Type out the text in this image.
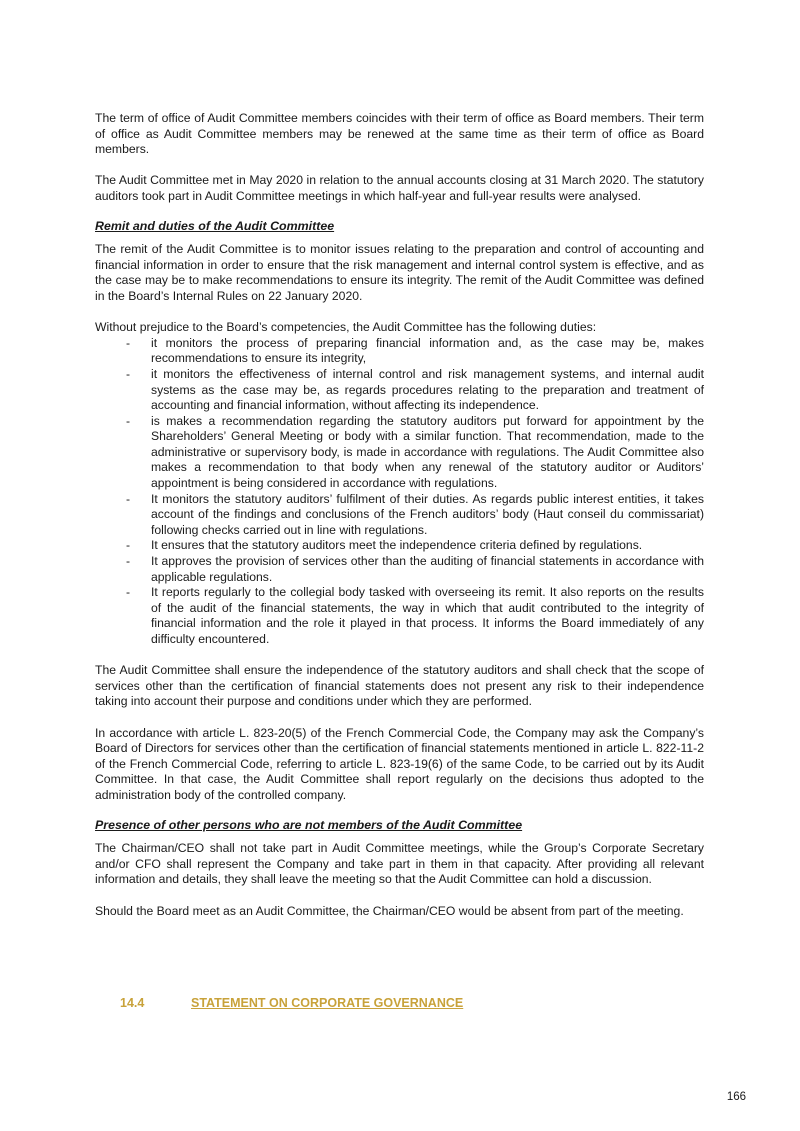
The term of office of Audit Committee members coincides with their term of office as Board members. Their term of office as Audit Committee members may be renewed at the same time as their term of office as Board members.

The Audit Committee met in May 2020 in relation to the annual accounts closing at 31 March 2020. The statutory auditors took part in Audit Committee meetings in which half-year and full-year results were analysed.

Remit and duties of the Audit Committee

The remit of the Audit Committee is to monitor issues relating to the preparation and control of accounting and financial information in order to ensure that the risk management and internal control system is effective, and as the case may be to make recommendations to ensure its integrity. The remit of the Audit Committee was defined in the Board’s Internal Rules on 22 January 2020.

Without prejudice to the Board’s competencies, the Audit Committee has the following duties:

- it monitors the process of preparing financial information and, as the case may be, makes recommendations to ensure its integrity,
- it monitors the effectiveness of internal control and risk management systems, and internal audit systems as the case may be, as regards procedures relating to the preparation and treatment of accounting and financial information, without affecting its independence.
- is makes a recommendation regarding the statutory auditors put forward for appointment by the Shareholders’ General Meeting or body with a similar function. That recommendation, made to the administrative or supervisory body, is made in accordance with regulations. The Audit Committee also makes a recommendation to that body when any renewal of the statutory auditor or Auditors’ appointment is being considered in accordance with regulations.
- It monitors the statutory auditors’ fulfilment of their duties. As regards public interest entities, it takes account of the findings and conclusions of the French auditors’ body (Haut conseil du commissariat) following checks carried out in line with regulations.
- It ensures that the statutory auditors meet the independence criteria defined by regulations.
- It approves the provision of services other than the auditing of financial statements in accordance with applicable regulations.
- It reports regularly to the collegial body tasked with overseeing its remit. It also reports on the results of the audit of the financial statements, the way in which that audit contributed to the integrity of financial information and the role it played in that process. It informs the Board immediately of any difficulty encountered.

The Audit Committee shall ensure the independence of the statutory auditors and shall check that the scope of services other than the certification of financial statements does not present any risk to their independence taking into account their purpose and conditions under which they are performed.

In accordance with article L. 823-20(5) of the French Commercial Code, the Company may ask the Company’s Board of Directors for services other than the certification of financial statements mentioned in article L. 822-11-2 of the French Commercial Code, referring to article L. 823-19(6) of the same Code, to be carried out by its Audit Committee. In that case, the Audit Committee shall report regularly on the decisions thus adopted to the administration body of the controlled company.

Presence of other persons who are not members of the Audit Committee

The Chairman/CEO shall not take part in Audit Committee meetings, while the Group’s Corporate Secretary and/or CFO shall represent the Company and take part in them in that capacity. After providing all relevant information and details, they shall leave the meeting so that the Audit Committee can hold a discussion.

Should the Board meet as an Audit Committee, the Chairman/CEO would be absent from part of the meeting.

14.4	STATEMENT ON CORPORATE GOVERNANCE
166
